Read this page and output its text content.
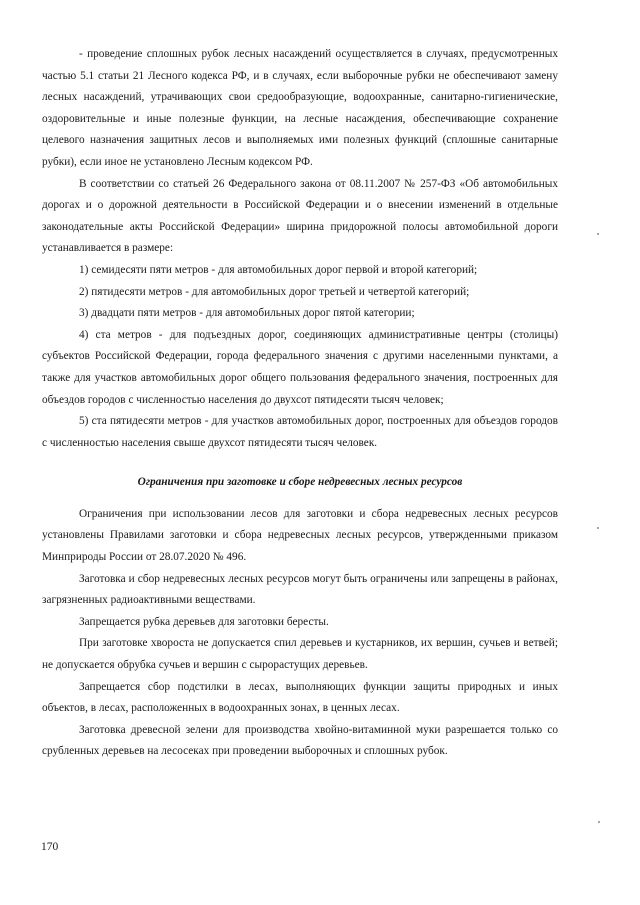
- проведение сплошных рубок лесных насаждений осуществляется в случаях, предусмотренных частью 5.1 статьи 21 Лесного кодекса РФ, и в случаях, если выборочные рубки не обеспечивают замену лесных насаждений, утрачивающих свои средообразующие, водоохранные, санитарно-гигиенические, оздоровительные и иные полезные функции, на лесные насаждения, обеспечивающие сохранение целевого назначения защитных лесов и выполняемых ими полезных функций (сплошные санитарные рубки), если иное не установлено Лесным кодексом РФ.

В соответствии со статьей 26 Федерального закона от 08.11.2007 № 257-ФЗ «Об автомобильных дорогах и о дорожной деятельности в Российской Федерации и о внесении изменений в отдельные законодательные акты Российской Федерации» ширина придорожной полосы автомобильной дороги устанавливается в размере:

1) семидесяти пяти метров - для автомобильных дорог первой и второй категорий;

2) пятидесяти метров - для автомобильных дорог третьей и четвертой категорий;

3) двадцати пяти метров - для автомобильных дорог пятой категории;

4) ста метров - для подъездных дорог, соединяющих административные центры (столицы) субъектов Российской Федерации, города федерального значения с другими населенными пунктами, а также для участков автомобильных дорог общего пользования федерального значения, построенных для объездов городов с численностью населения до двухсот пятидесяти тысяч человек;

5) ста пятидесяти метров - для участков автомобильных дорог, построенных для объездов городов с численностью населения свыше двухсот пятидесяти тысяч человек.

Ограничения при заготовке и сборе недревесных лесных ресурсов

Ограничения при использовании лесов для заготовки и сбора недревесных лесных ресурсов установлены Правилами заготовки и сбора недревесных лесных ресурсов, утвержденными приказом Минприроды России от 28.07.2020 № 496.

Заготовка и сбор недревесных лесных ресурсов могут быть ограничены или запрещены в районах, загрязненных радиоактивными веществами.

Запрещается рубка деревьев для заготовки бересты.

При заготовке хвороста не допускается спил деревьев и кустарников, их вершин, сучьев и ветвей; не допускается обрубка сучьев и вершин с сырорастущих деревьев.

Запрещается сбор подстилки в лесах, выполняющих функции защиты природных и иных объектов, в лесах, расположенных в водоохранных зонах, в ценных лесах.

Заготовка древесной зелени для производства хвойно-витаминной муки разрешается только со срубленных деревьев на лесосеках при проведении выборочных и сплошных рубок.

170
